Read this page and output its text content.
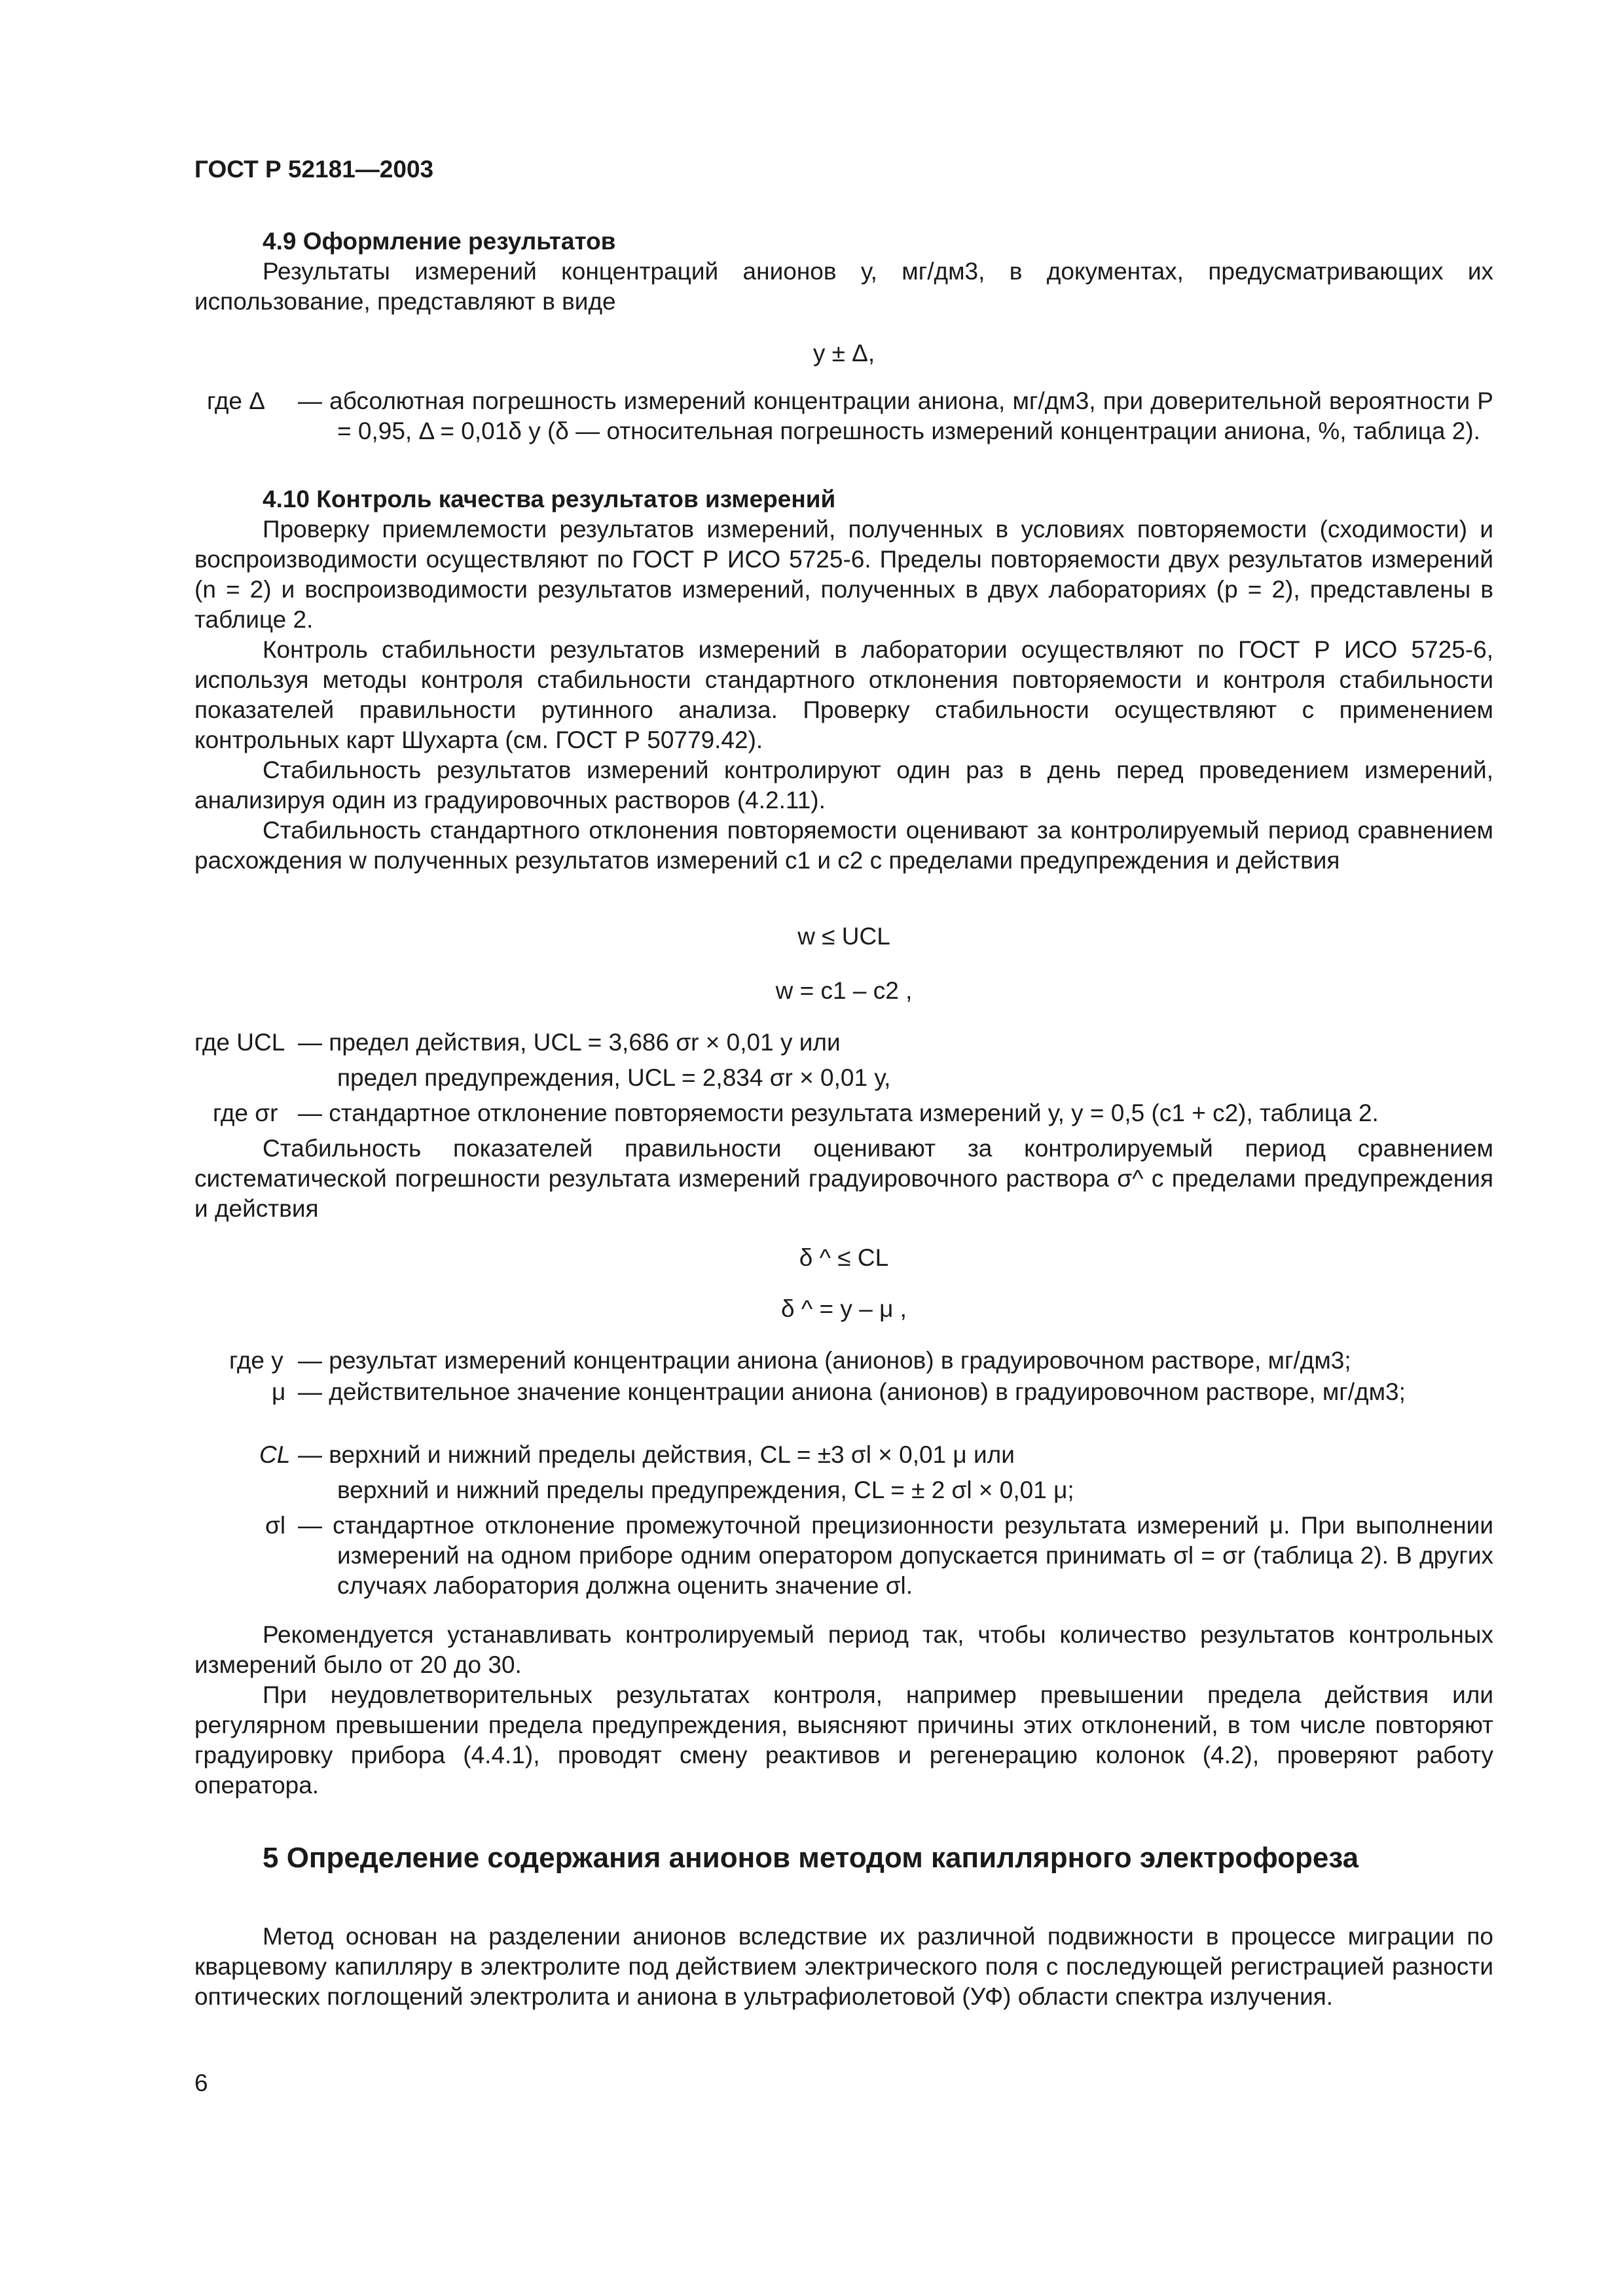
ГОСТ Р 52181—2003
4.9 Оформление результатов
Результаты измерений концентраций анионов у, мг/дм3, в документах, предусматривающих их использование, представляют в виде
у ± Δ,
где Δ — абсолютная погрешность измерений концентрации аниона, мг/дм3, при доверительной вероятности Р = 0,95, Δ = 0,01δ у (δ — относительная погрешность измерений концентрации аниона, %, таблица 2).
4.10 Контроль качества результатов измерений
Проверку приемлемости результатов измерений, полученных в условиях повторяемости (сходимости) и воспроизводимости осуществляют по ГОСТ Р ИСО 5725-6. Пределы повторяемости двух результатов измерений (n = 2) и воспроизводимости результатов измерений, полученных в двух лабораториях (р = 2), представлены в таблице 2.
Контроль стабильности результатов измерений в лаборатории осуществляют по ГОСТ Р ИСО 5725-6, используя методы контроля стабильности стандартного отклонения повторяемости и контроля стабильности показателей правильности рутинного анализа. Проверку стабильности осуществляют с применением контрольных карт Шухарта (см. ГОСТ Р 50779.42).
Стабильность результатов измерений контролируют один раз в день перед проведением измерений, анализируя один из градуировочных растворов (4.2.11).
Стабильность стандартного отклонения повторяемости оценивают за контролируемый период сравнением расхождения w полученных результатов измерений с1 и с2 с пределами предупреждения и действия
w ≤ UCL
w = c1 – c2 ,
где UCL — предел действия, UCL = 3,686 σr × 0,01 у или
предел предупреждения, UCL = 2,834 σr × 0,01 у,
где σr — стандартное отклонение повторяемости результата измерений у, у = 0,5 (с1 + с2), таблица 2.
Стабильность показателей правильности оценивают за контролируемый период сравнением систематической погрешности результата измерений градуировочного раствора σ^ с пределами предупреждения и действия
δ ^ ≤ CL
δ ^ = у – μ ,
где у — результат измерений концентрации аниона (анионов) в градуировочном растворе, мг/дм3;
μ — действительное значение концентрации аниона (анионов) в градуировочном растворе, мг/дм3;
CL — верхний и нижний пределы действия, CL = ±3 σl × 0,01 μ или
верхний и нижний пределы предупреждения, CL = ± 2 σl × 0,01 μ;
σl — стандартное отклонение промежуточной прецизионности результата измерений μ. При выполнении измерений на одном приборе одним оператором допускается принимать σl = σr (таблица 2). В других случаях лаборатория должна оценить значение σl.
Рекомендуется устанавливать контролируемый период так, чтобы количество результатов контрольных измерений было от 20 до 30.
При неудовлетворительных результатах контроля, например превышении предела действия или регулярном превышении предела предупреждения, выясняют причины этих отклонений, в том числе повторяют градуировку прибора (4.4.1), проводят смену реактивов и регенерацию колонок (4.2), проверяют работу оператора.
5 Определение содержания анионов методом капиллярного электрофореза
Метод основан на разделении анионов вследствие их различной подвижности в процессе миграции по кварцевому капилляру в электролите под действием электрического поля с последующей регистрацией разности оптических поглощений электролита и аниона в ультрафиолетовой (УФ) области спектра излучения.
6
